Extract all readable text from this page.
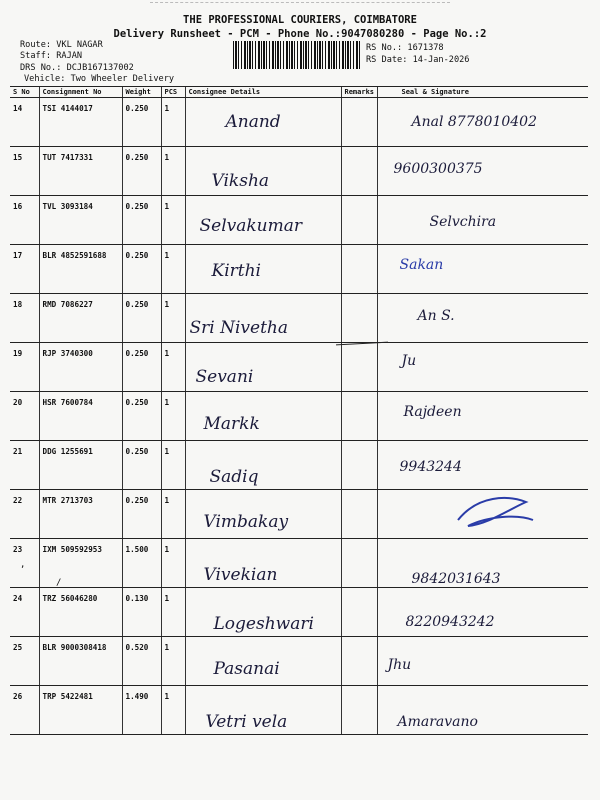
THE PROFESSIONAL COURIERS, COIMBATORE
Delivery Runsheet - PCM - Phone No.:9047080280 - Page No.:2
Route: VKL NAGAR
Staff: RAJAN
DRS No.: DCJB167137002
Vehicle: Two Wheeler Delivery
RS No.: 1671378
RS Date: 14-Jan-2026
S No	Consignment No	Weight	PCS	Consignee Details	Remarks	Seal & Signature
14	TSI 4144017	0.250	1	Anand		Anal 8778010402

15	TUT 7417331	0.250	1	Viksha		9600300375

16	TVL 3093184	0.250	1	Selvakumar		Selvchira

17	BLR 4852591688	0.250	1	Kirthi		Sakan

18	RMD 7086227	0.250	1	Sri Nivetha		An S.

19	RJP 3740300	0.250	1	Sevani		Ju

20	HSR 7600784	0.250	1	Markk		Rajdeen

21	DDG 1255691	0.250	1	Sadiq		9943244

22	MTR 2713703	0.250	1	Vimbakay

23	IXM 509592953	1.500	1	Vivekian		9842031643

24	TRZ 56046280	0.130	1	Logeshwari		8220943242

25	BLR 9000308418	0.520	1	Pasanai		Jhu

26	TRP 5422481	1.490	1	Vetri vela		Amaravano
,
/
